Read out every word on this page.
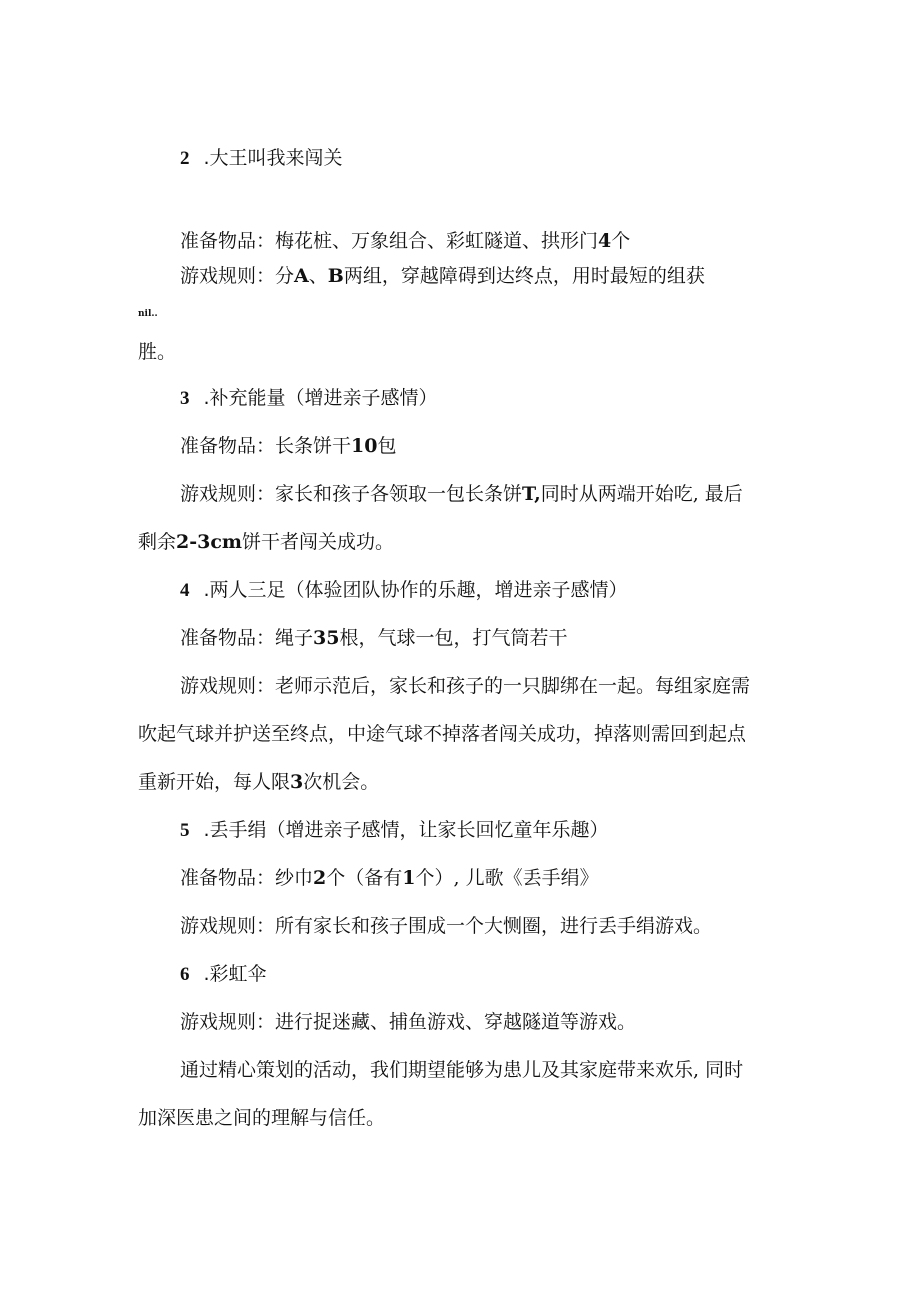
2 .大王叫我来闯关
准备物品：梅花桩、万象组合、彩虹隧道、拱形门4个
游戏规则：分A、B两组，穿越障碍到达终点，用时最短的组获
nil..
胜。
3 .补充能量（增进亲子感情）
准备物品：长条饼干10包
游戏规则：家长和孩子各领取一包长条饼T,同时从两端开始吃, 最后
剩余2-3cm饼干者闯关成功。
4 .两人三足（体验团队协作的乐趣，增进亲子感情）
准备物品：绳子35根，气球一包，打气筒若干
游戏规则：老师示范后，家长和孩子的一只脚绑在一起。每组家庭需
吹起气球并护送至终点，中途气球不掉落者闯关成功，掉落则需回到起点
重新开始，每人限3次机会。
5 .丢手绢（增进亲子感情，让家长回忆童年乐趣）
准备物品：纱巾2个（备有1个）, 儿歌《丢手绢》
游戏规则：所有家长和孩子围成一个大恻圈，进行丢手绢游戏。
6 .彩虹伞
游戏规则：进行捉迷藏、捕鱼游戏、穿越隧道等游戏。
通过精心策划的活动，我们期望能够为患儿及其家庭带来欢乐, 同时
加深医患之间的理解与信任。
